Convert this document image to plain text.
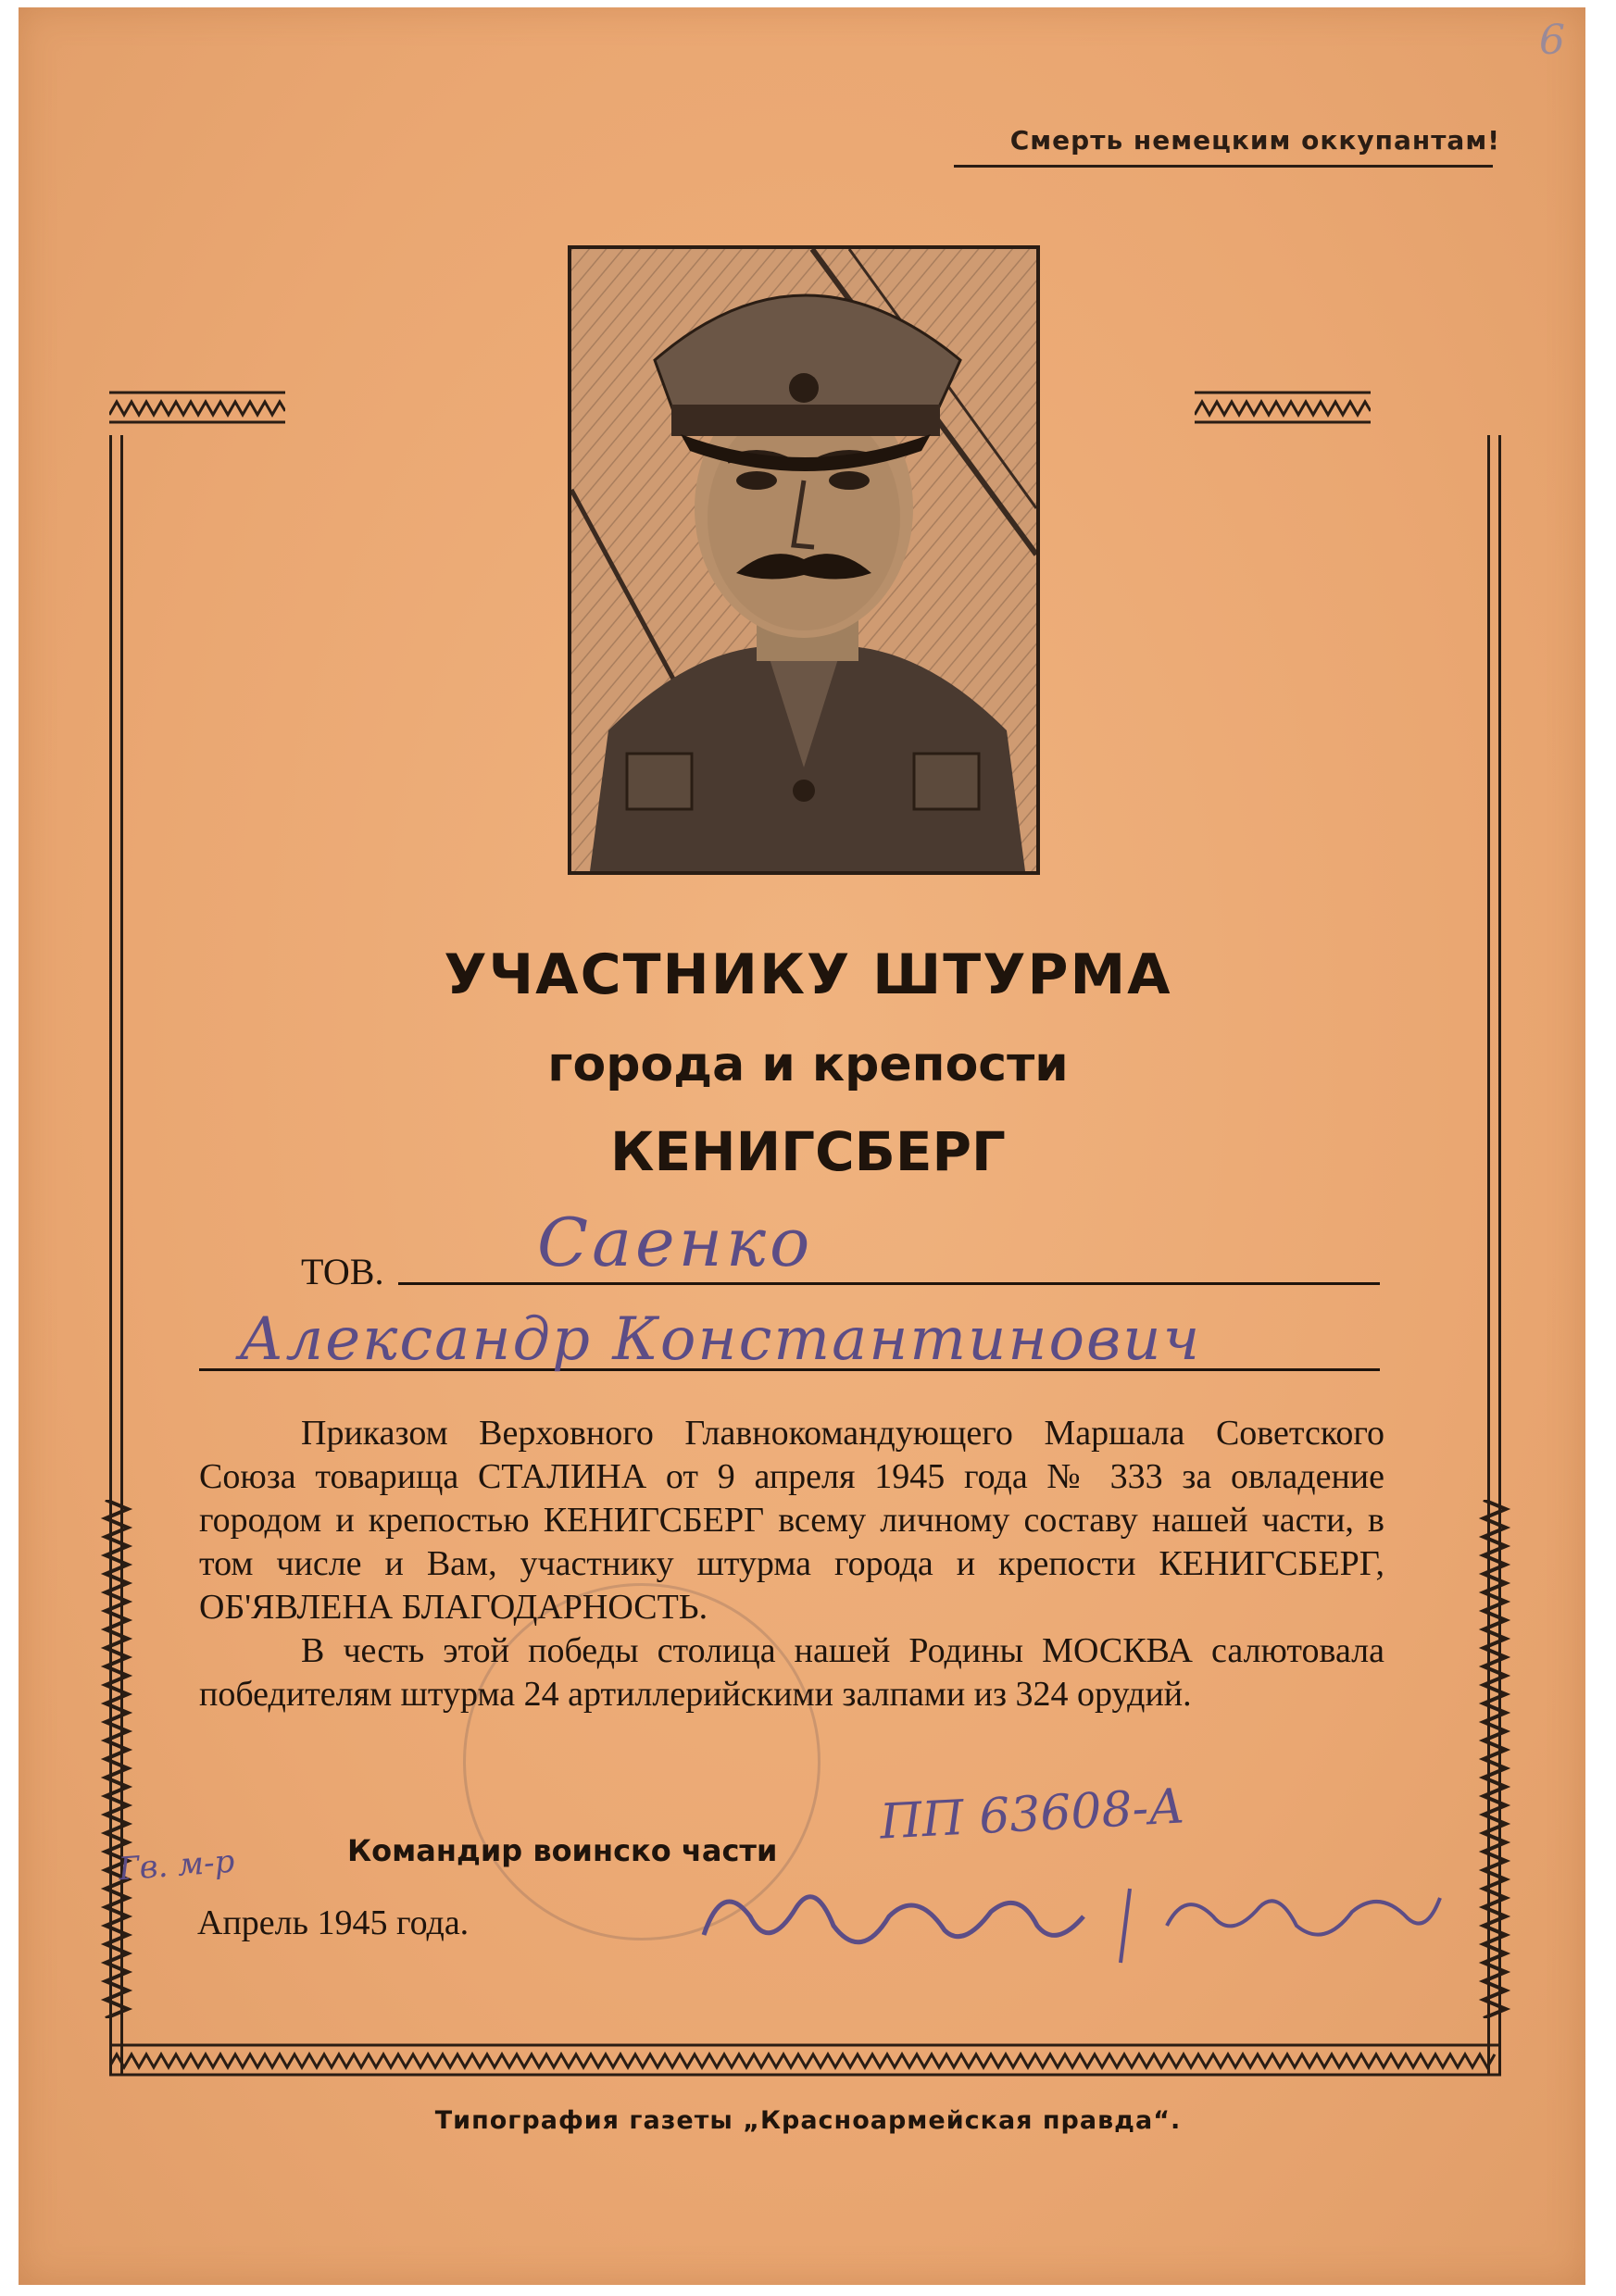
6
Смерть немецким оккупантам!
УЧАСТНИКУ ШТУРМА
города и крепости
КЕНИГСБЕРГ
ТОВ. Саенко
Александр Константинович

Приказом Верховного Главнокомандующего Маршала Советского Союза товарища СТАЛИНА от 9 апреля 1945 года № 333 за овладение городом и крепостью КЕНИГСБЕРГ всему личному составу нашей части, в том числе и Вам, участнику штурма города и крепости КЕНИГСБЕРГ, ОБ'ЯВЛЕНА БЛАГОДАРНОСТЬ.

В честь этой победы столица нашей Родины МОСКВА салютовала победителям штурма 24 артиллерийскими залпами из 324 орудий.

Командир воинско части
ПП 63608-А
Гв. м-р
Апрель 1945 года.
Типография газеты „Красноармейская правда“.
